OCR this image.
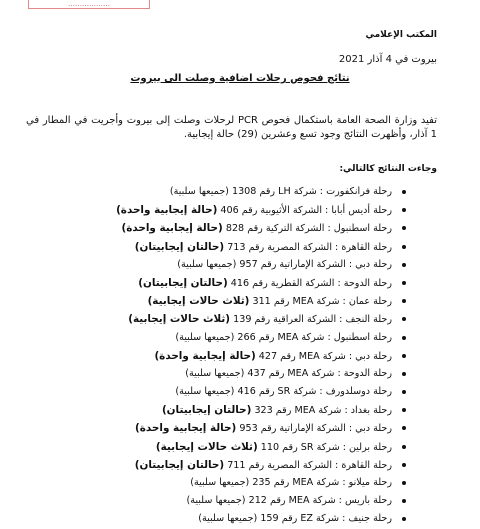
………………
المكتب الإعلامي
بيروت في 4 آذار 2021
نتائج فحوص رحلات اضافية وصلت الى بيروت
تفيد وزارة الصحة العامة باستكمال فحوص PCR لرحلات وصلت إلى بيروت وأجريت في المطار في 1 آذار، وأظهرت النتائج وجود تسع وعشرين (29) حالة إيجابية.
وجاءت النتائج كالتالي:
رحلة فرانكفورت : شركة LH رقم 1308 (جميعها سلبية)
رحلة أديس أبابا : الشركة الأثيوبية رقم 406 (حالة إيجابية واحدة)
رحلة اسطنبول : الشركة التركية رقم 828 (حالة إيجابية واحدة)
رحلة القاهرة : الشركة المصرية رقم 713 (حالتان إيجابيتان)
رحلة دبي : الشركة الإماراتية رقم 957 (جميعها سلبية)
رحلة الدوحة : الشركة القطرية رقم 416 (حالتان إيجابيتان)
رحلة عمان : شركة MEA رقم 311 (ثلاث حالات إيجابية)
رحلة النجف : الشركة العراقية رقم 139 (ثلاث حالات إيجابية)
رحلة اسطنبول : شركة MEA رقم 266 (جميعها سلبية)
رحلة دبي : شركة MEA رقم 427 (حالة إيجابية واحدة)
رحلة الدوحة : شركة MEA رقم 437 (جميعها سلبية)
رحلة دوسلدورف : شركة SR رقم 416 (جميعها سلبية)
رحلة بغداد : شركة MEA رقم 323 (حالتان إيجابيتان)
رحلة دبي : الشركة الإماراتية رقم 953 (حالة إيجابية واحدة)
رحلة برلين : شركة SR رقم 110 (ثلاث حالات إيجابية)
رحلة القاهرة : الشركة المصرية رقم 711 (حالتان إيجابيتان)
رحلة ميلانو : شركة MEA رقم 235 (جميعها سلبية)
رحلة باريس : شركة MEA رقم 212 (جميعها سلبية)
رحلة جنيف : شركة EZ رقم 159 (جميعها سلبية)
